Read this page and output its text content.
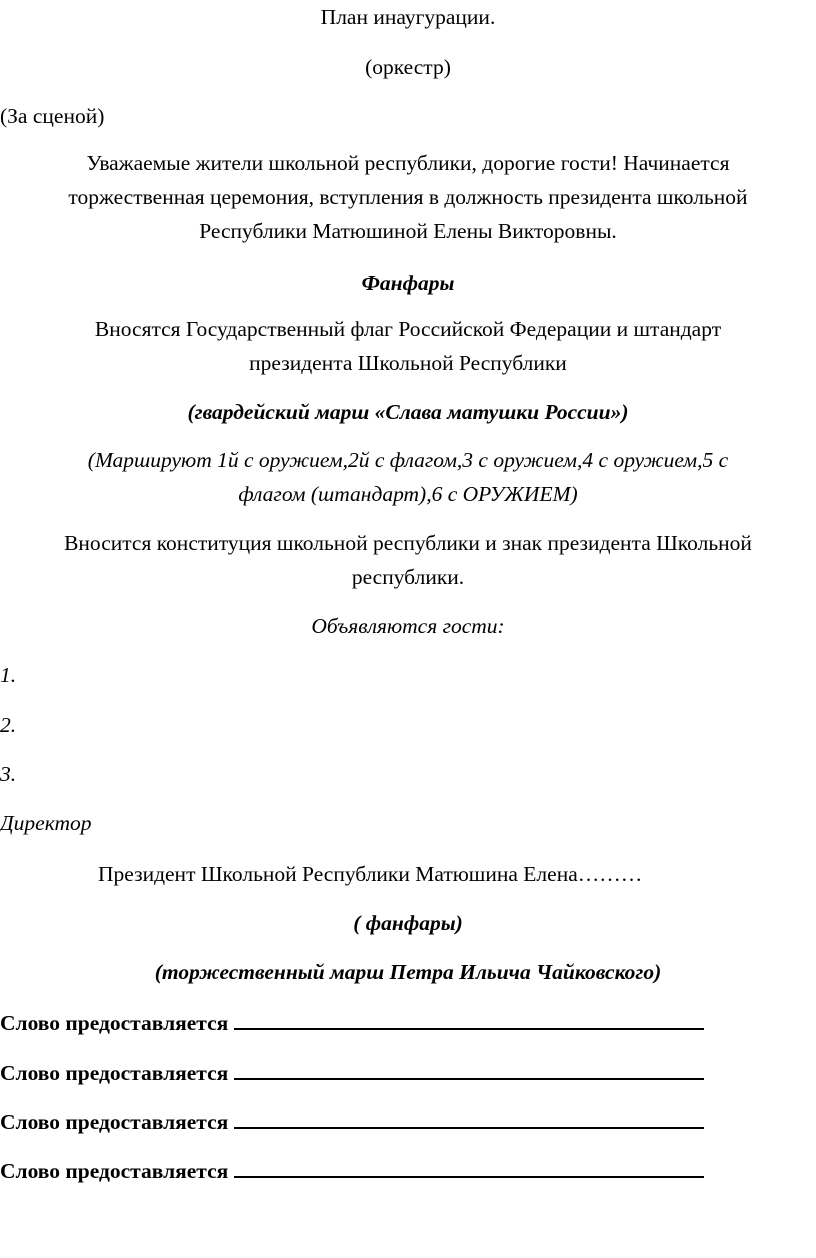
План инаугурации.
(оркестр)
(За сценой)
Уважаемые жители школьной республики, дорогие гости! Начинается
торжественная церемония, вступления в должность президента школьной
Республики Матюшиной Елены Викторовны.
Фанфары
Вносятся Государственный флаг Российской Федерации и штандарт
президента Школьной Республики
(гвардейский марш «Слава матушки России»)
(Маршируют 1й с оружием,2й с флагом,3 с оружием,4 с оружием,5 с
флагом (штандарт),6 с ОРУЖИЕМ)
Вносится конституция школьной республики и знак президента Школьной
республики.
Объявляются гости:
1.
2.
3.
Директор
Президент Школьной Республики Матюшина Елена………
( фанфары)
(торжественный марш Петра Ильича Чайковского)
Слово предоставляется
Слово предоставляется
Слово предоставляется
Слово предоставляется
